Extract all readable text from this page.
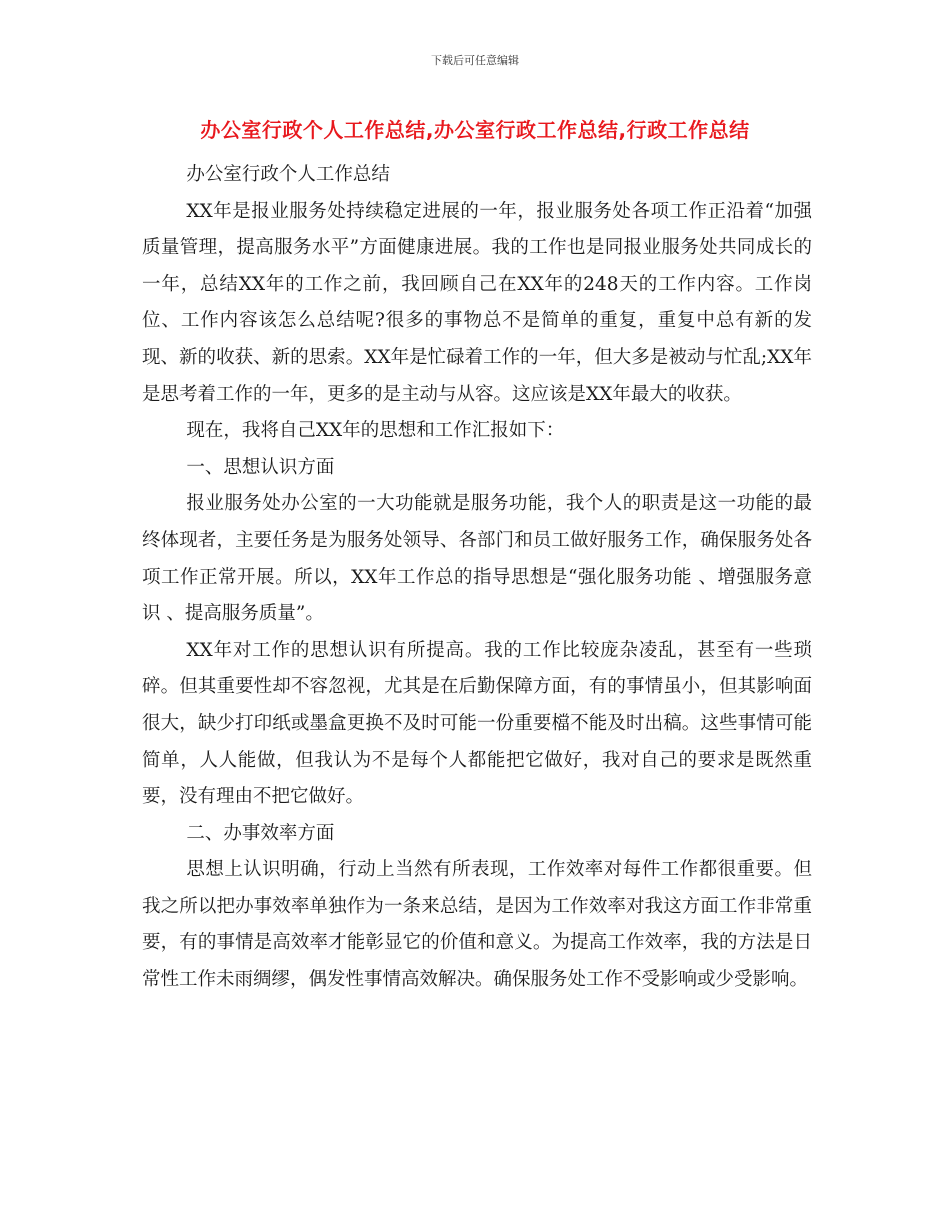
下载后可任意编辑
办公室行政个人工作总结,办公室行政工作总结,行政工作总结

办公室行政个人工作总结

XX年是报业服务处持续稳定进展的一年，报业服务处各项工作正沿着“加强质量管理，提高服务水平”方面健康进展。我的工作也是同报业服务处共同成长的一年，总结XX年的工作之前，我回顾自己在XX年的248天的工作内容。工作岗位、工作内容该怎么总结呢?很多的事物总不是简单的重复，重复中总有新的发现、新的收获、新的思索。XX年是忙碌着工作的一年，但大多是被动与忙乱;XX年是思考着工作的一年，更多的是主动与从容。这应该是XX年最大的收获。

现在，我将自己XX年的思想和工作汇报如下：

一、思想认识方面

报业服务处办公室的一大功能就是服务功能，我个人的职责是这一功能的最终体现者，主要任务是为服务处领导、各部门和员工做好服务工作，确保服务处各项工作正常开展。所以，XX年工作总的指导思想是“强化服务功能 、增强服务意识 、提高服务质量”。

XX年对工作的思想认识有所提高。我的工作比较庞杂凌乱，甚至有一些琐碎。但其重要性却不容忽视，尤其是在后勤保障方面，有的事情虽小，但其影响面很大，缺少打印纸或墨盒更换不及时可能一份重要檔不能及时出稿。这些事情可能简单，人人能做，但我认为不是每个人都能把它做好，我对自己的要求是既然重要，没有理由不把它做好。

二、办事效率方面

思想上认识明确，行动上当然有所表现，工作效率对每件工作都很重要。但我之所以把办事效率单独作为一条来总结，是因为工作效率对我这方面工作非常重要，有的事情是高效率才能彰显它的价值和意义。为提高工作效率，我的方法是日常性工作未雨绸缪，偶发性事情高效解决。确保服务处工作不受影响或少受影响。
